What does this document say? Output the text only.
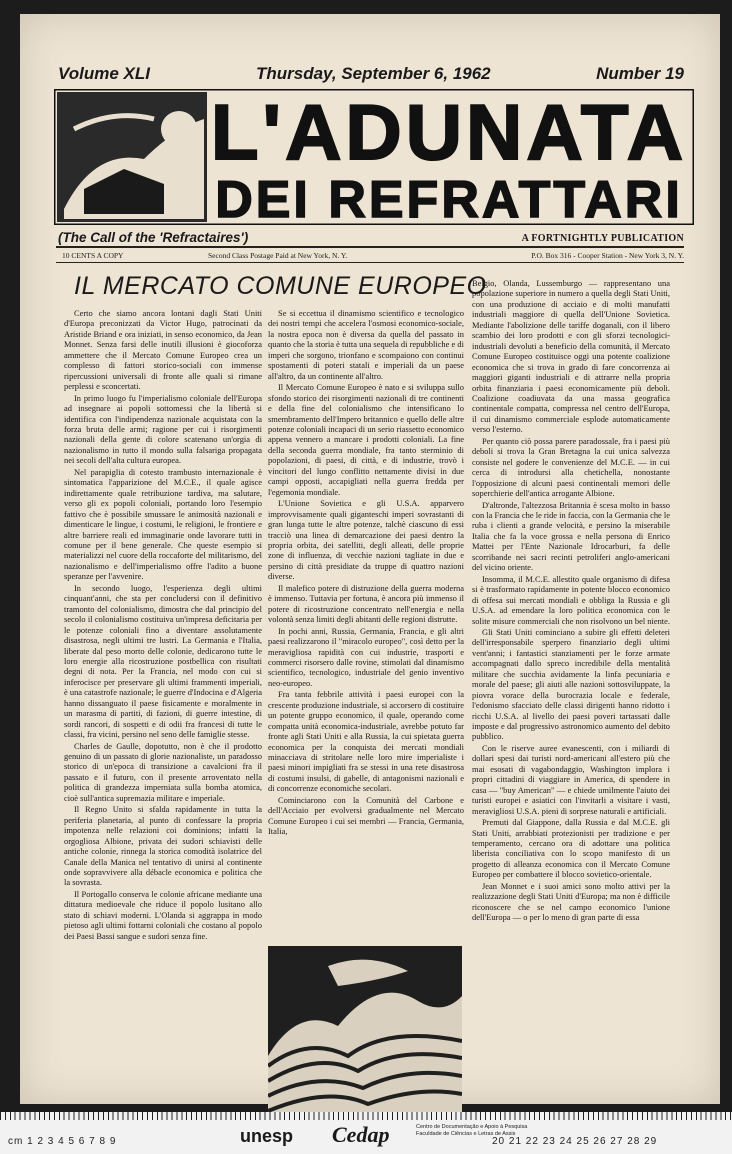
Volume XLI	Thursday, September 6, 1962	Number 19
L'ADUNATA
DEI REFRATTARI
(The Call of the 'Refractaires')	A FORTNIGHTLY PUBLICATION
10 CENTS A COPY	Second Class Postage Paid at New York, N. Y.	P.O. Box 316 - Cooper Station - New York 3, N. Y.
IL MERCATO COMUNE EUROPEO

Certo che siamo ancora lontani dagli Stati Uniti d'Europa preconizzati da Victor Hugo, patrocinati da Aristide Briand e ora iniziati, in senso economico, da Jean Monnet. Senza farsi delle inutili illusioni è giocoforza ammettere che il Mercato Comune Europeo crea un complesso di fattori storico-sociali con immense ripercussioni universali di fronte alle quali si rimane perplessi e sconcertati.

In primo luogo fu l'imperialismo coloniale dell'Europa ad insegnare ai popoli sottomessi che la libertà si identifica con l'indipendenza nazionale acquistata con la forza bruta delle armi; ragione per cui i risorgimenti nazionali della gente di colore scatenano un'orgia di nazionalismo in tutto il mondo sulla falsariga propagata nei secoli dell'alta cultura europea.

Nel parapiglia di cotesto trambusto internazionale è sintomatica l'apparizione del M.C.E., il quale agisce indirettamente quale retribuzione tardiva, ma salutare, verso gli ex popoli coloniali, portando loro l'esempio fattivo che è possibile smussare le animosità nazionali e dimenticare le lingue, i costumi, le religioni, le frontiere e altre barriere reali ed immaginarie onde lavorare tutti in comune per il bene generale. Che queste esempio si materializzi nel cuore della roccaforte del militarismo, del nazionalismo e dell'imperialismo offre l'adito a buone speranze per l'avvenire.

In secondo luogo, l'esperienza degli ultimi cinquant'anni, che sta per concludersi con il definitivo tramonto del colonialismo, dimostra che dal principio del secolo il colonialismo costituiva un'impresa deficitaria per le potenze coloniali fino a diventare assolutamente disastrosa, negli ultimi tre lustri. La Germania e l'Italia, liberate dal peso morto delle colonie, dedicarono tutte le loro energie alla ricostruzione postbellica con risultati degni di nota. Per la Francia, nel modo con cui si inferocisce per preservare gli ultimi frammenti imperiali, è una catastrofe nazionale; le guerre d'Indocina e d'Algeria hanno dissanguato il paese fisicamente e moralmente in un marasma di partiti, di fazioni, di guerre intestine, di sordi rancori, di sospetti e di odii fra francesi di tutte le classi, fra vicini, persino nel seno delle famiglie stesse.

Charles de Gaulle, dopotutto, non è che il prodotto genuino di un passato di glorie nazionaliste, un paradosso storico di un'epoca di transizione a cavalcioni fra il passato e il futuro, con il presente arroventato nella politica di grandezza imperniata sulla bomba atomica, cioè sull'antica supremazia militare e imperiale.

Il Regno Unito si sfalda rapidamente in tutta la periferia planetaria, al punto di confessare la propria impotenza nelle relazioni coi dominions; infatti la orgogliosa Albione, privata dei sudori schiavisti delle antiche colonie, rinnega la storica comodità isolatrice del Canale della Manica nel tentativo di unirsi al continente onde sopravvivere alla débacle economica e politica che la sovrasta.

Il Portogallo conserva le colonie africane mediante una dittatura medioevale che riduce il popolo lusitano allo stato di schiavi moderni. L'Olanda si aggrappa in modo pietoso agli ultimi fottarni coloniali che costano al popolo dei Paesi Bassi sangue e sudori senza fine.

Se si eccettua il dinamismo scientifico e tecnologico dei nostri tempi che accelera l'osmosi economico-sociale, la nostra epoca non è diversa da quella del passato in quanto che la storia è tutta una sequela di repubbliche e di imperi che sorgono, trionfano e scompaiono con continui spostamenti di poteri statali e imperiali da un paese all'altro, da un continente all'altro.

Il Mercato Comune Europeo è nato e si sviluppa sullo sfondo storico dei risorgimenti nazionali di tre continenti e della fine del colonialismo che intensificano lo smembramento dell'Impero britannico e quello delle altre potenze coloniali incapaci di un serio riassetto economico appena vennero a mancare i prodotti coloniali. La fine della seconda guerra mondiale, fra tanto sterminio di popolazioni, di paesi, di città, e di industrie, trovò i vincitori del lungo conflitto nettamente divisi in due campi opposti, accapigliati nella guerra fredda per l'egemonia mondiale.

L'Unione Sovietica e gli U.S.A. apparvero improvvisamente quali giganteschi imperi sovrastanti di gran lunga tutte le altre potenze, talchè ciascuno di essi tracciò una linea di demarcazione dei paesi dentro la propria orbita, dei satelliti, degli alleati, delle proprie zone di influenza, di vecchie nazioni tagliate in due e persino di città presidiate da truppe di quattro nazioni diverse.

Il malefico potere di distruzione della guerra moderna è immenso. Tuttavia per fortuna, è ancora più immenso il potere di ricostruzione concentrato nell'energia e nella volontà senza limiti degli abitanti delle regioni distrutte.

In pochi anni, Russia, Germania, Francia, e gli altri paesi realizzarono il "miracolo europeo", così detto per la meravigliosa rapidità con cui industrie, trasporti e commerci risorsero dalle rovine, stimolati dal dinamismo scientifico, tecnologico, industriale del genio inventivo neo-europeo.

Fra tanta febbrile attività i paesi europei con la crescente produzione industriale, si accorsero di costituire un potente gruppo economico, il quale, operando come compatta unità economica-industriale, avrebbe potuto far fronte agli Stati Uniti e alla Russia, la cui spietata guerra economica per la conquista dei mercati mondiali minacciava di stritolare nelle loro mire imperialiste i paesi minori impigliati fra se stessi in una rete disastrosa di costumi insulsi, di gabelle, di antagonismi nazionali e di concorrenze economiche secolari.

Cominciarono con la Comunità del Carbone e dell'Acciaio per evolversi gradualmente nel Mercato Comune Europeo i cui sei membri — Francia, Germania, Italia,

Belgio, Olanda, Lussemburgo — rappresentano una popolazione superiore in numero a quella degli Stati Uniti, con una produzione di acciaio e di molti manufatti industriali maggiore di quella dell'Unione Sovietica. Mediante l'abolizione delle tariffe doganali, con il libero scambio dei loro prodotti e con gli sforzi tecnologici-industriali devoluti a beneficio della comunità, il Mercato Comune Europeo costituisce oggi una potente coalizione economica che si trova in grado di fare concorrenza ai maggiori giganti industriali e di attrarre nella propria orbita finanziaria i paesi economicamente più deboli. Coalizione coadiuvata da una massa geografica continentale compatta, compressa nel centro dell'Europa, il cui dinamismo commerciale esplode automaticamente verso l'esterno.

Per quanto ciò possa parere paradossale, fra i paesi più deboli si trova la Gran Bretagna la cui unica salvezza consiste nel godere le convenienze del M.C.E. — in cui cerca di introdursi alla chetichella, nonostante l'opposizione di alcuni paesi continentali memori delle soperchierie dell'antica arrogante Albione.

D'altronde, l'altezzosa Britannia è scesa molto in basso con la Francia che le ride in faccia, con la Germania che le ruba i clienti a grande velocità, e persino la miserabile Italia che fa la voce grossa e nella persona di Enrico Mattei per l'Ente Nazionale Idrocarburi, fa delle scorribande nei sacri recinti petroliferi anglo-americani del vicino oriente.

Insomma, il M.C.E. allestito quale organismo di difesa si è trasformato rapidamente in potente blocco economico di offesa sui mercati mondiali e obbliga la Russia e gli U.S.A. ad emendare la loro politica economica con le solite misure commerciali che non risolvono un bel niente.

Gli Stati Uniti cominciano a subire gli effetti deleteri dell'irresponsabile sperpero finanziario degli ultimi vent'anni; i fantastici stanziamenti per le forze armate accompagnati dallo spreco incredibile della mentalità militare che succhia avidamente la linfa pecuniaria e morale del paese; gli aiuti alle nazioni sottosviluppate, la piovra vorace della burocrazia locale e federale, l'edonismo sfacciato delle classi dirigenti hanno ridotto i ricchi U.S.A. al livello dei paesi poveri tartassati dalle imposte e dal progressivo astronomico aumento del debito pubblico.

Con le riserve auree evanescenti, con i miliardi di dollari spesi dai turisti nord-americani all'estero più che mai esosati di vagabondaggio, Washington implora i propri cittadini di viaggiare in America, di spendere in casa — "buy American" — e chiede umilmente l'aiuto dei turisti europei e asiatici con l'invitarli a visitare i vasti, meravigliosi U.S.A. pieni di sorprese naturali e artificiali.

Premuti dal Giappone, dalla Russia e dal M.C.E. gli Stati Uniti, arrabbiati protezionisti per tradizione e per temperamento, cercano ora di adottare una politica liberista conciliativa con lo scopo manifesto di un progetto di alleanza economica con il Mercato Comune Europeo per combattere il blocco sovietico-orientale.

Jean Monnet e i suoi amici sono molto attivi per la realizzazione degli Stati Uniti d'Europa; ma non è difficile riconoscere che se nel campo economico l'unione dell'Europa — o per lo meno di gran parte di essa

cm 1 2 3 4 5 6 7 8 9	20 21 22 23 24 25 26 27 28 29
unesp Cedap	Centro de Documentação e Apoio à Pesquisa
Faculdade de Ciências e Letras de Assis
